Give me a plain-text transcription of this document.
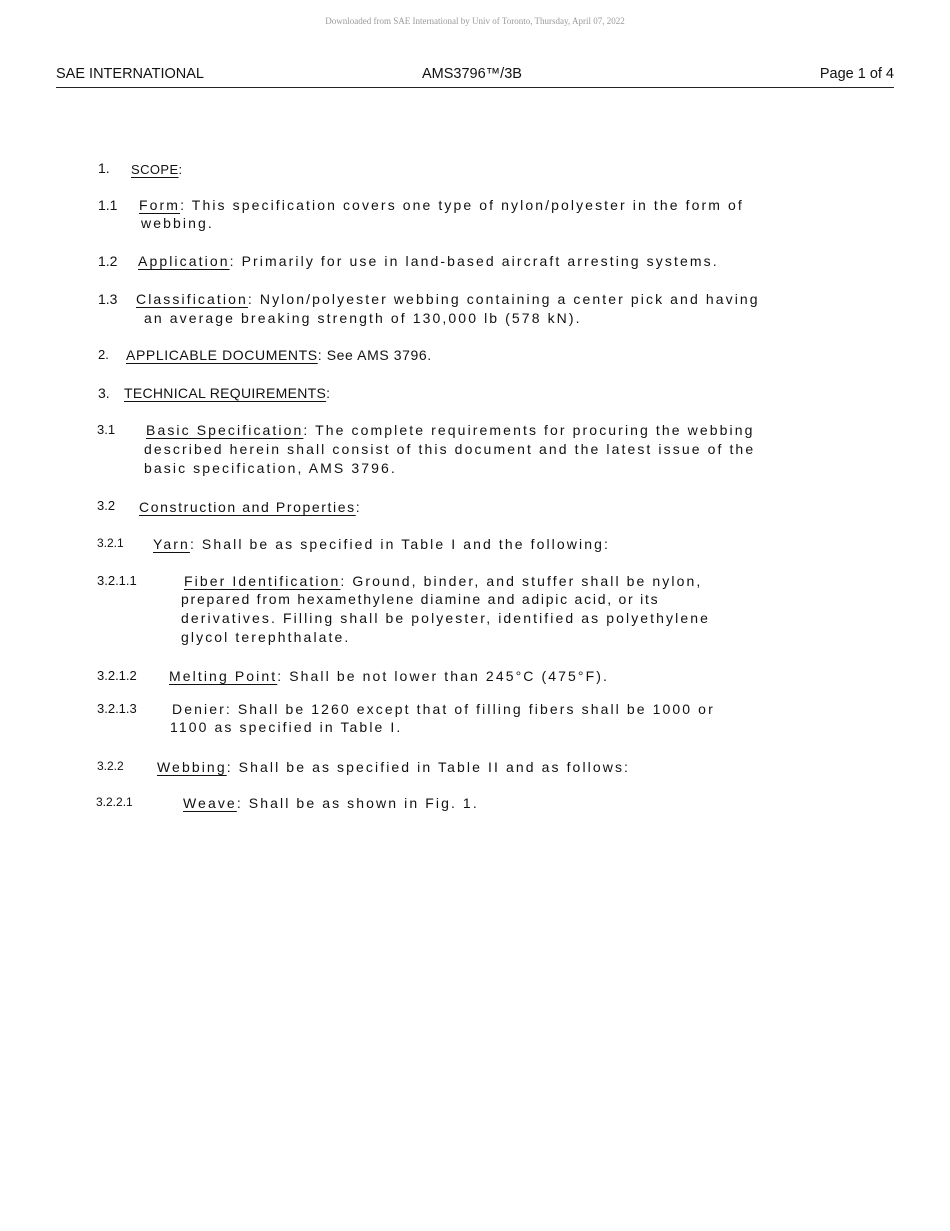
Downloaded from SAE International by Univ of Toronto, Thursday, April 07, 2022
SAE INTERNATIONAL	AMS3796™/3B	Page 1 of 4
1. SCOPE:
1.1 Form: This specification covers one type of nylon/polyester in the form of
webbing.
1.2 Application: Primarily for use in land-based aircraft arresting systems.
1.3 Classification: Nylon/polyester webbing containing a center pick and having
an average breaking strength of 130,000 lb (578 kN).
2. APPLICABLE DOCUMENTS: See AMS 3796.
3. TECHNICAL REQUIREMENTS:
3.1 Basic Specification: The complete requirements for procuring the webbing
described herein shall consist of this document and the latest issue of the
basic specification, AMS 3796.
3.2 Construction and Properties:
3.2.1 Yarn: Shall be as specified in Table I and the following:
3.2.1.1	Fiber Identification: Ground, binder, and stuffer shall be nylon,
prepared from hexamethylene diamine and adipic acid, or its
derivatives. Filling shall be polyester, identified as polyethylene
glycol terephthalate.
3.2.1.2 Melting Point: Shall be not lower than 245°C (475°F).
3.2.1.3	Denier: Shall be 1260 except that of filling fibers shall be 1000 or
1100 as specified in Table I.
3.2.2 Webbing: Shall be as specified in Table II and as follows:
3.2.2.1	Weave: Shall be as shown in Fig. 1.
